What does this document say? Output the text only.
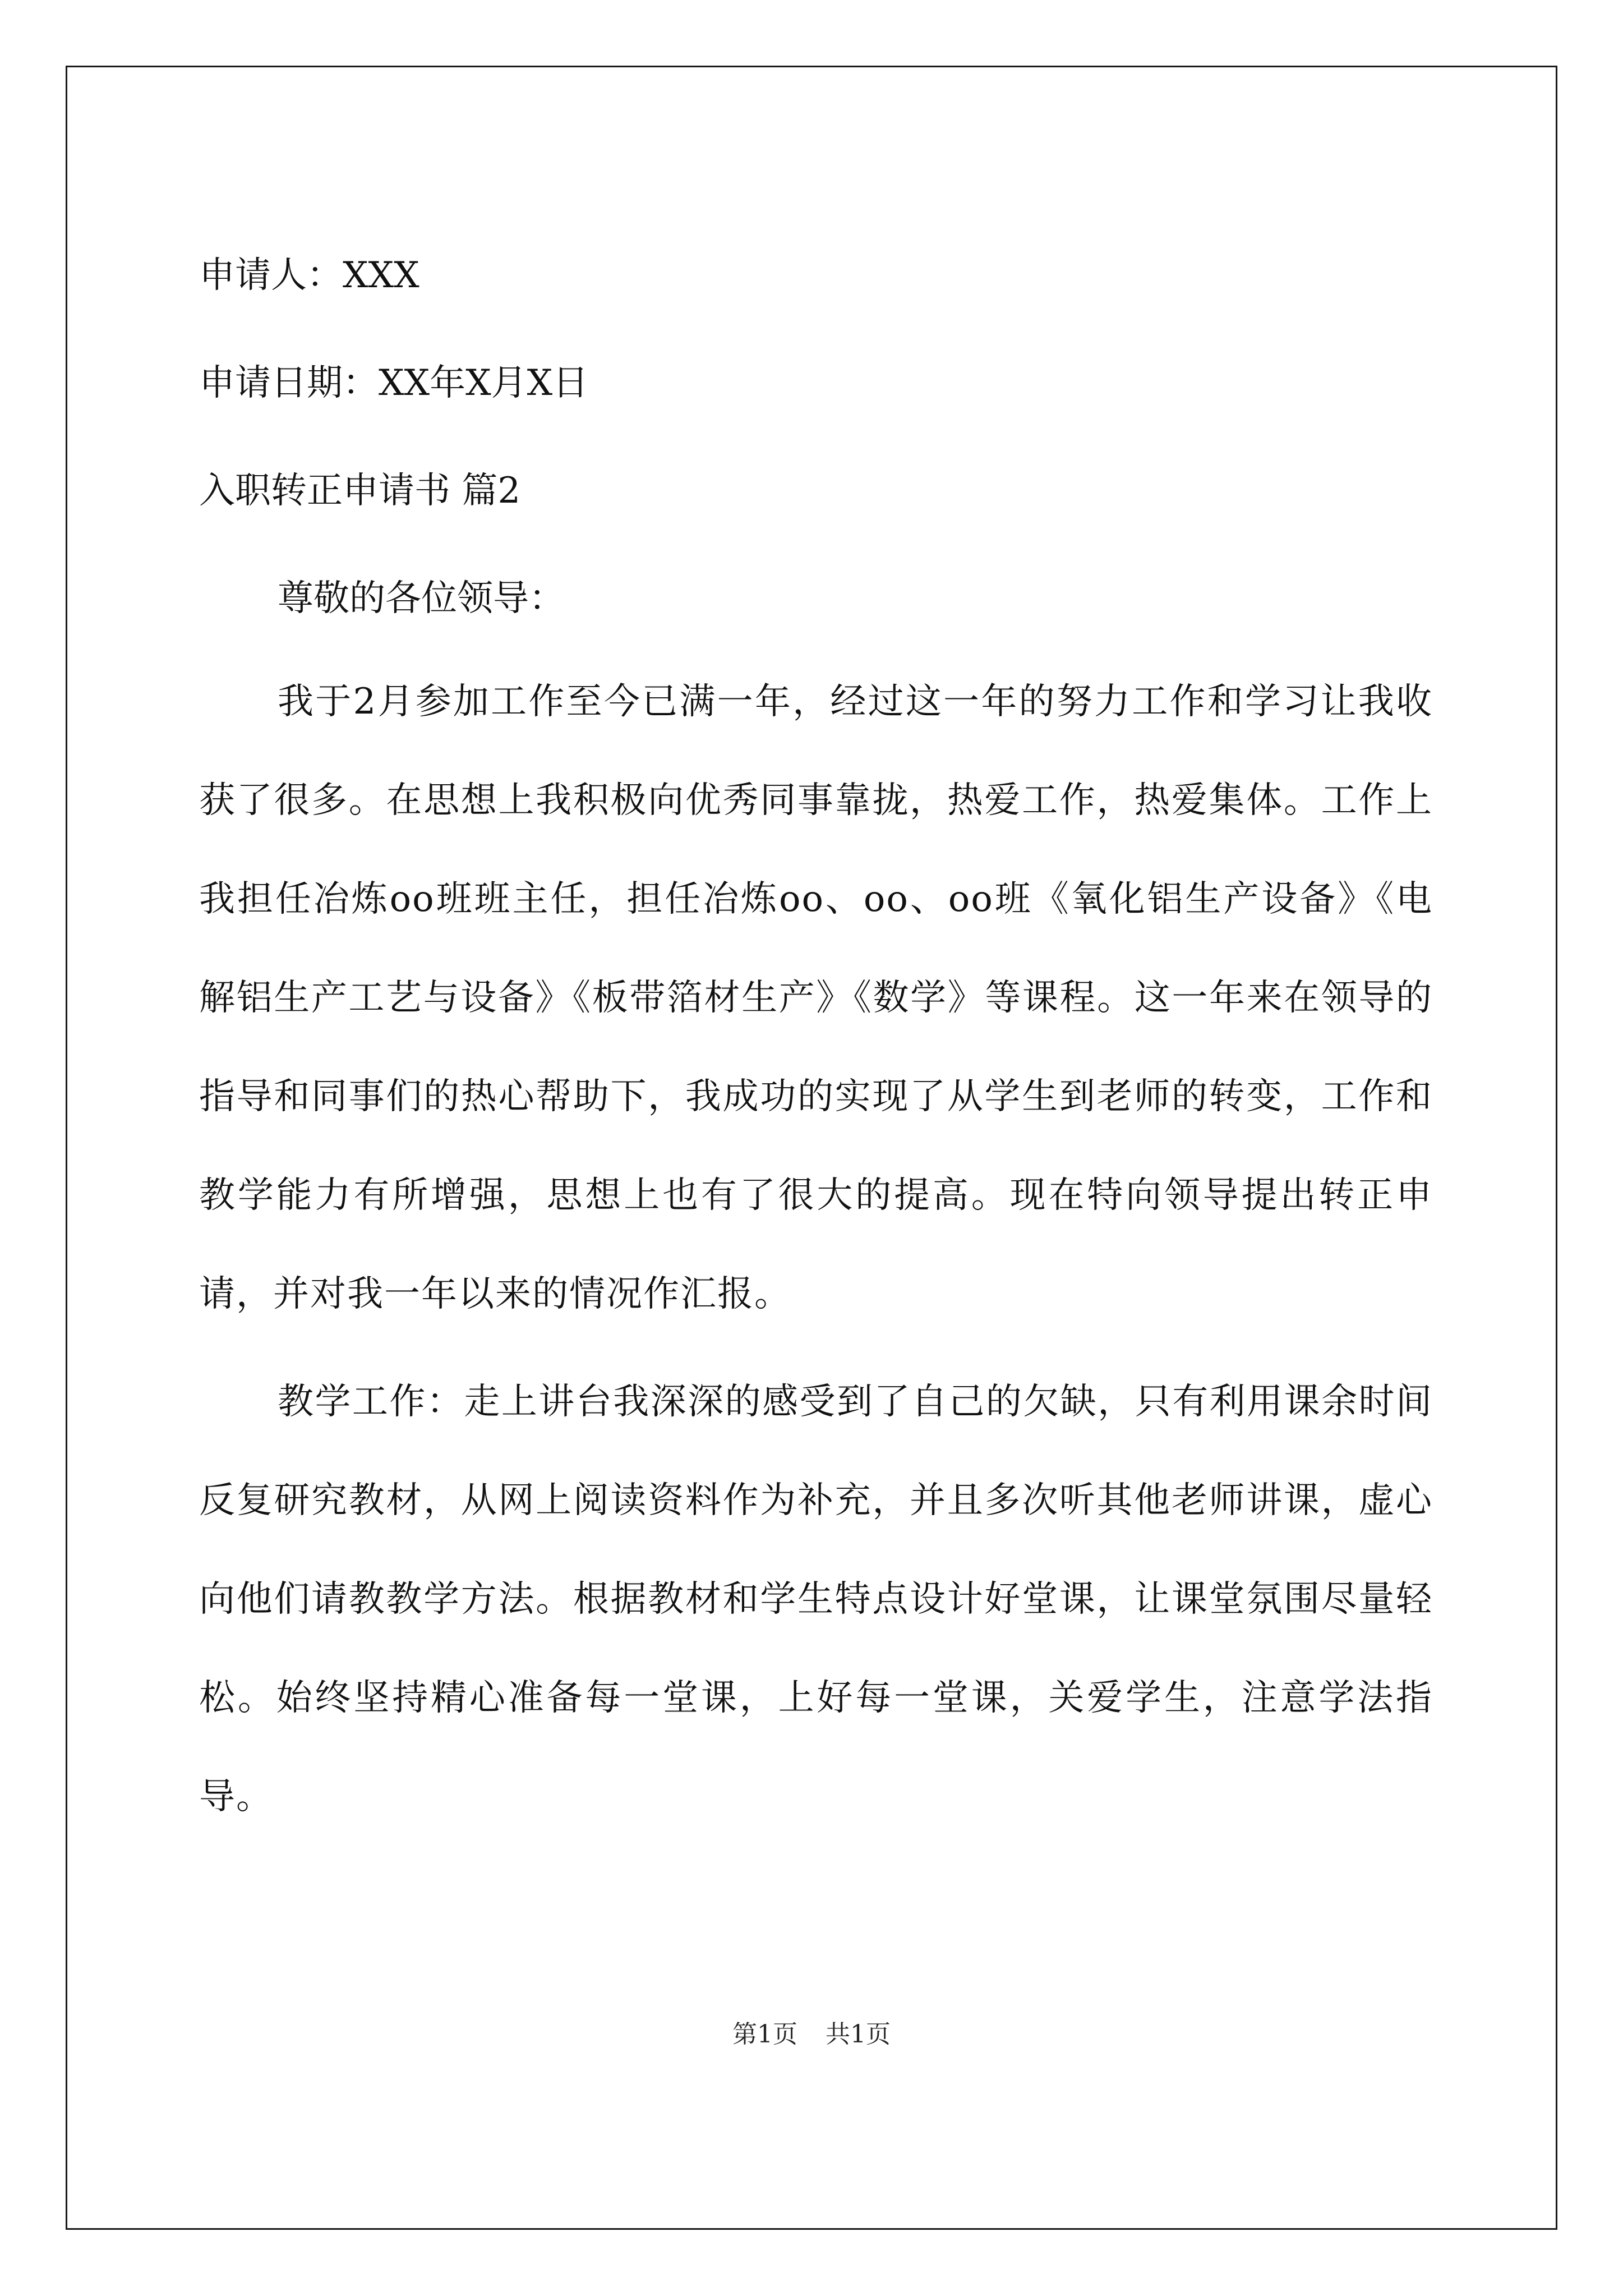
申请人：XXX
申请日期：XX年X月X日
入职转正申请书 篇2
尊敬的各位领导：

我于2月参加工作至今已满一年，经过这一年的努力工作和学习让我收获了很多。在思想上我积极向优秀同事靠拢，热爱工作，热爱集体。工作上我担任冶炼oo班班主任，担任冶炼oo、oo、oo班《氧化铝生产设备》《电解铝生产工艺与设备》《板带箔材生产》《数学》等课程。这一年来在领导的指导和同事们的热心帮助下，我成功的实现了从学生到老师的转变，工作和教学能力有所增强，思想上也有了很大的提高。现在特向领导提出转正申请，并对我一年以来的情况作汇报。

教学工作：走上讲台我深深的感受到了自己的欠缺，只有利用课余时间反复研究教材，从网上阅读资料作为补充，并且多次听其他老师讲课，虚心向他们请教教学方法。根据教材和学生特点设计好堂课，让课堂氛围尽量轻松。始终坚持精心准备每一堂课，上好每一堂课，关爱学生，注意学法指导。

第1页 共1页
